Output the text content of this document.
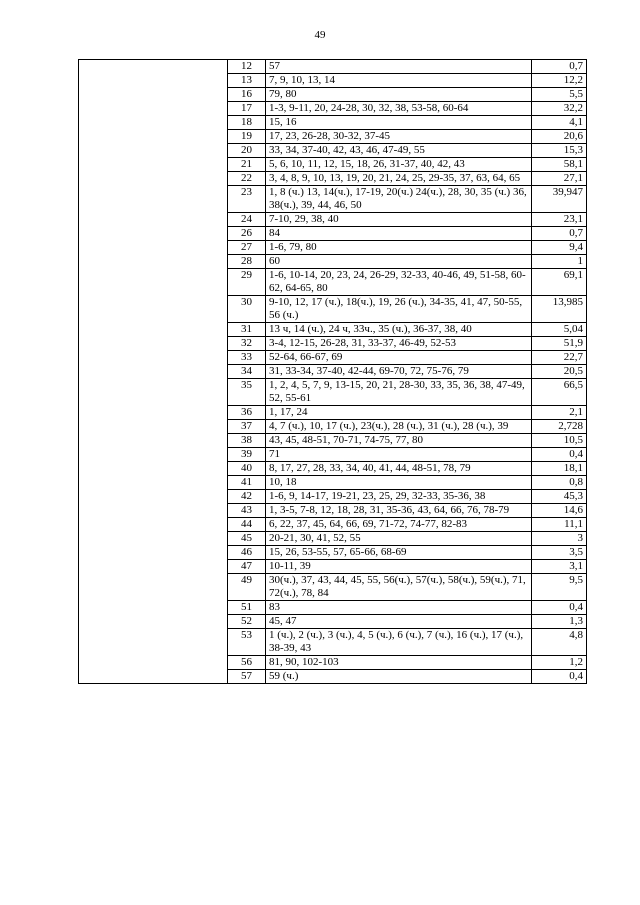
49
	12	57	0,7
	13	7, 9, 10, 13, 14	12,2
	16	79, 80	5,5
	17	1-3, 9-11, 20, 24-28, 30, 32, 38, 53-58, 60-64	32,2
	18	15, 16	4,1
	19	17, 23, 26-28, 30-32, 37-45	20,6
	20	33, 34, 37-40, 42, 43, 46, 47-49, 55	15,3
	21	5, 6, 10, 11, 12, 15, 18, 26, 31-37, 40, 42, 43	58,1
	22	3, 4, 8, 9, 10, 13, 19, 20, 21, 24, 25, 29-35, 37, 63, 64, 65	27,1
	23	1, 8 (ч.) 13, 14(ч.), 17-19, 20(ч.) 24(ч.), 28, 30, 35 (ч.) 36, 38(ч.), 39, 44, 46, 50	39,947
	24	7-10, 29, 38, 40	23,1
	26	84	0,7
	27	1-6, 79, 80	9,4
	28	60	1
	29	1-6, 10-14, 20, 23, 24, 26-29, 32-33, 40-46, 49, 51-58, 60-62, 64-65, 80	69,1
	30	9-10, 12, 17 (ч.), 18(ч.), 19, 26 (ч.), 34-35, 41, 47, 50-55, 56 (ч.)	13,985
	31	13 ч, 14 (ч.), 24 ч, 33ч., 35 (ч.), 36-37, 38, 40	5,04
	32	3-4, 12-15, 26-28, 31, 33-37, 46-49, 52-53	51,9
	33	52-64, 66-67, 69	22,7
	34	31, 33-34, 37-40, 42-44, 69-70, 72, 75-76, 79	20,5
	35	1, 2, 4, 5, 7, 9, 13-15, 20, 21, 28-30, 33, 35, 36, 38, 47-49, 52, 55-61	66,5
	36	1, 17, 24	2,1
	37	4, 7 (ч.), 10, 17 (ч.), 23(ч.), 28 (ч.), 31 (ч.), 28 (ч.), 39	2,728
	38	43, 45, 48-51, 70-71, 74-75, 77, 80	10,5
	39	71	0,4
	40	8, 17, 27, 28, 33, 34, 40, 41, 44, 48-51, 78, 79	18,1
	41	10, 18	0,8
	42	1-6, 9, 14-17, 19-21, 23, 25, 29, 32-33, 35-36, 38	45,3
	43	1, 3-5, 7-8, 12, 18, 28, 31, 35-36, 43, 64, 66, 76, 78-79	14,6
	44	6, 22, 37, 45, 64, 66, 69, 71-72, 74-77, 82-83	11,1
	45	20-21, 30, 41, 52, 55	3
	46	15, 26, 53-55, 57, 65-66, 68-69	3,5
	47	10-11, 39	3,1
	49	30(ч.), 37, 43, 44, 45, 55, 56(ч.), 57(ч.), 58(ч.), 59(ч.), 71, 72(ч.), 78, 84	9,5
	51	83	0,4
	52	45, 47	1,3
	53	1 (ч.), 2 (ч.), 3 (ч.), 4, 5 (ч.), 6 (ч.), 7 (ч.), 16 (ч.), 17 (ч.), 38-39, 43	4,8
	56	81, 90, 102-103	1,2
	57	59 (ч.)	0,4
